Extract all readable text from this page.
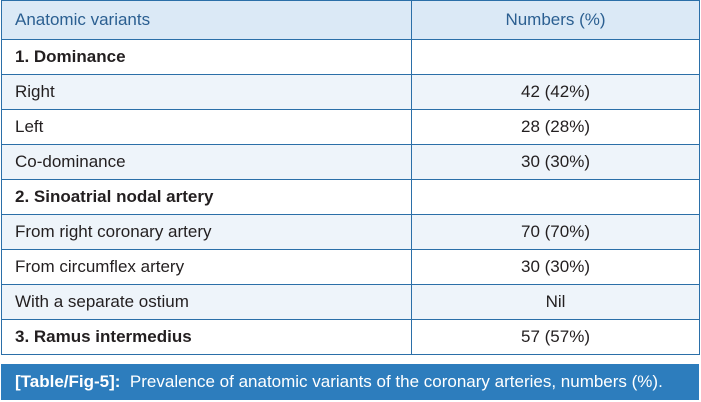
Anatomic variants	Numbers (%)
1. Dominance	
Right	42 (42%)
Left	28 (28%)
Co-dominance	30 (30%)
2. Sinoatrial nodal artery	
From right coronary artery	70 (70%)
From circumflex artery	30 (30%)
With a separate ostium	Nil
3. Ramus intermedius	57 (57%)
[Table/Fig-5]: Prevalence of anatomic variants of the coronary arteries, numbers (%).
